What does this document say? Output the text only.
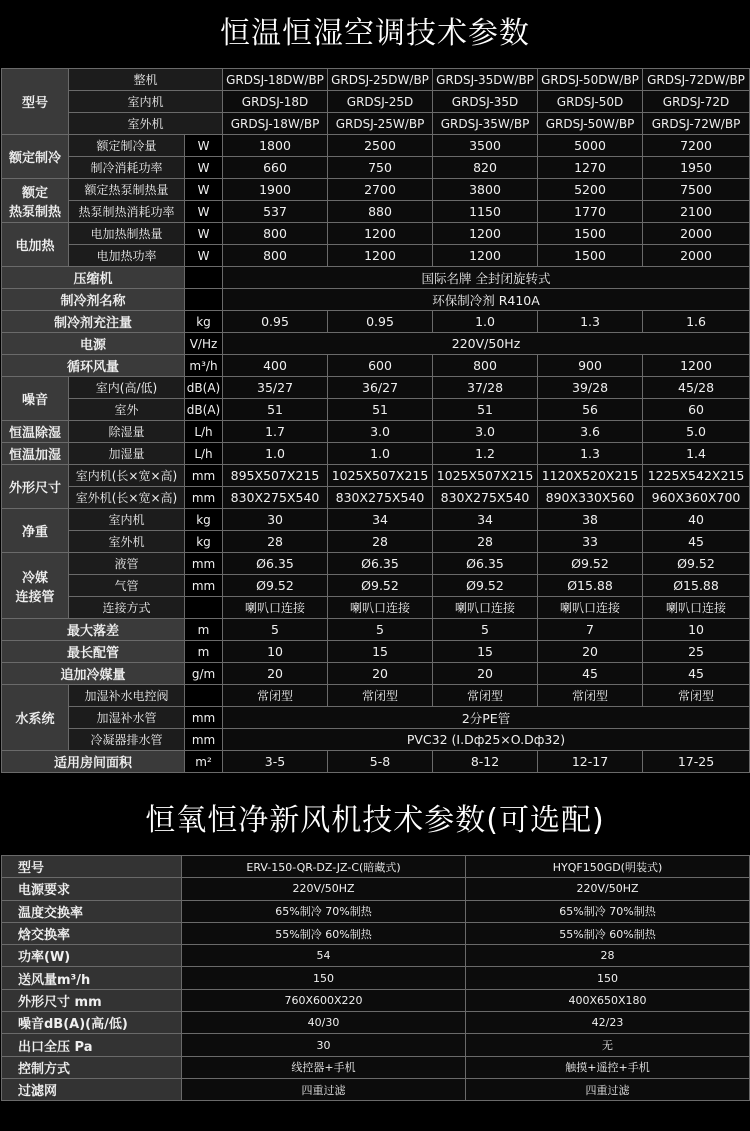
恒温恒湿空调技术参数
型号	整机		GRDSJ-18DW/BP	GRDSJ-25DW/BP	GRDSJ-35DW/BP	GRDSJ-50DW/BP	GRDSJ-72DW/BP
	室内机		GRDSJ-18D	GRDSJ-25D	GRDSJ-35D	GRDSJ-50D	GRDSJ-72D
	室外机		GRDSJ-18W/BP	GRDSJ-25W/BP	GRDSJ-35W/BP	GRDSJ-50W/BP	GRDSJ-72W/BP
额定制冷	额定制冷量	W	1800	2500	3500	5000	7200
	制冷消耗功率	W	660	750	820	1270	1950

额定
热泵制热	额定热泵制热量	W	1900	2700	3800	5200	7500
	热泵制热消耗功率	W	537	880	1150	1770	2100
电加热	电加热制热量	W	800	1200	1200	1500	2000
	电加热功率	W	800	1200	1200	1500	2000
压缩机			国际名牌 全封闭旋转式				
制冷剂名称			环保制冷剂 R410A				
制冷剂充注量		kg	0.95	0.95	1.0	1.3	1.6
电源		V/Hz	220V/50Hz				
循环风量		m³/h	400	600	800	900	1200
噪音	室内(高/低)	dB(A)	35/27	36/27	37/28	39/28	45/28
	室外	dB(A)	51	51	51	56	60
恒温除湿	除湿量	L/h	1.7	3.0	3.0	3.6	5.0
恒温加湿	加湿量	L/h	1.0	1.0	1.2	1.3	1.4
外形尺寸	室内机(长×宽×高)	mm	895X507X215	1025X507X215	1025X507X215	1120X520X215	1225X542X215
	室外机(长×宽×高)	mm	830X275X540	830X275X540	830X275X540	890X330X560	960X360X700
净重	室内机	kg	30	34	34	38	40
	室外机	kg	28	28	28	33	45

冷媒
连接管	液管	mm	Ø6.35	Ø6.35	Ø6.35	Ø9.52	Ø9.52
	气管	mm	Ø9.52	Ø9.52	Ø9.52	Ø15.88	Ø15.88
	连接方式		喇叭口连接	喇叭口连接	喇叭口连接	喇叭口连接	喇叭口连接
最大落差		m	5	5	5	7	10
最长配管		m	10	15	15	20	25
追加冷媒量		g/m	20	20	20	45	45
水系统	加湿补水电控阀		常闭型	常闭型	常闭型	常闭型	常闭型
	加湿补水管	mm	2分PE管				
	冷凝器排水管	mm	PVC32 (I.Dф25×O.Dф32)				
适用房间面积		m²	3-5	5-8	8-12	12-17	17-25
恒氧恒净新风机技术参数(可选配)
型号	ERV-150-QR-DZ-JZ-C(暗藏式)	HYQF150GD(明装式)
电源要求	220V/50HZ	220V/50HZ
温度交换率	65%制冷 70%制热	65%制冷 70%制热
焓交换率	55%制冷 60%制热	55%制冷 60%制热
功率(W)	54	28
送风量m³/h	150	150
外形尺寸 mm	760X600X220	400X650X180
噪音dB(A)(高/低)	40/30	42/23
出口全压 Pa	30	无
控制方式	线控器+手机	触摸+遥控+手机
过滤网	四重过滤	四重过滤
